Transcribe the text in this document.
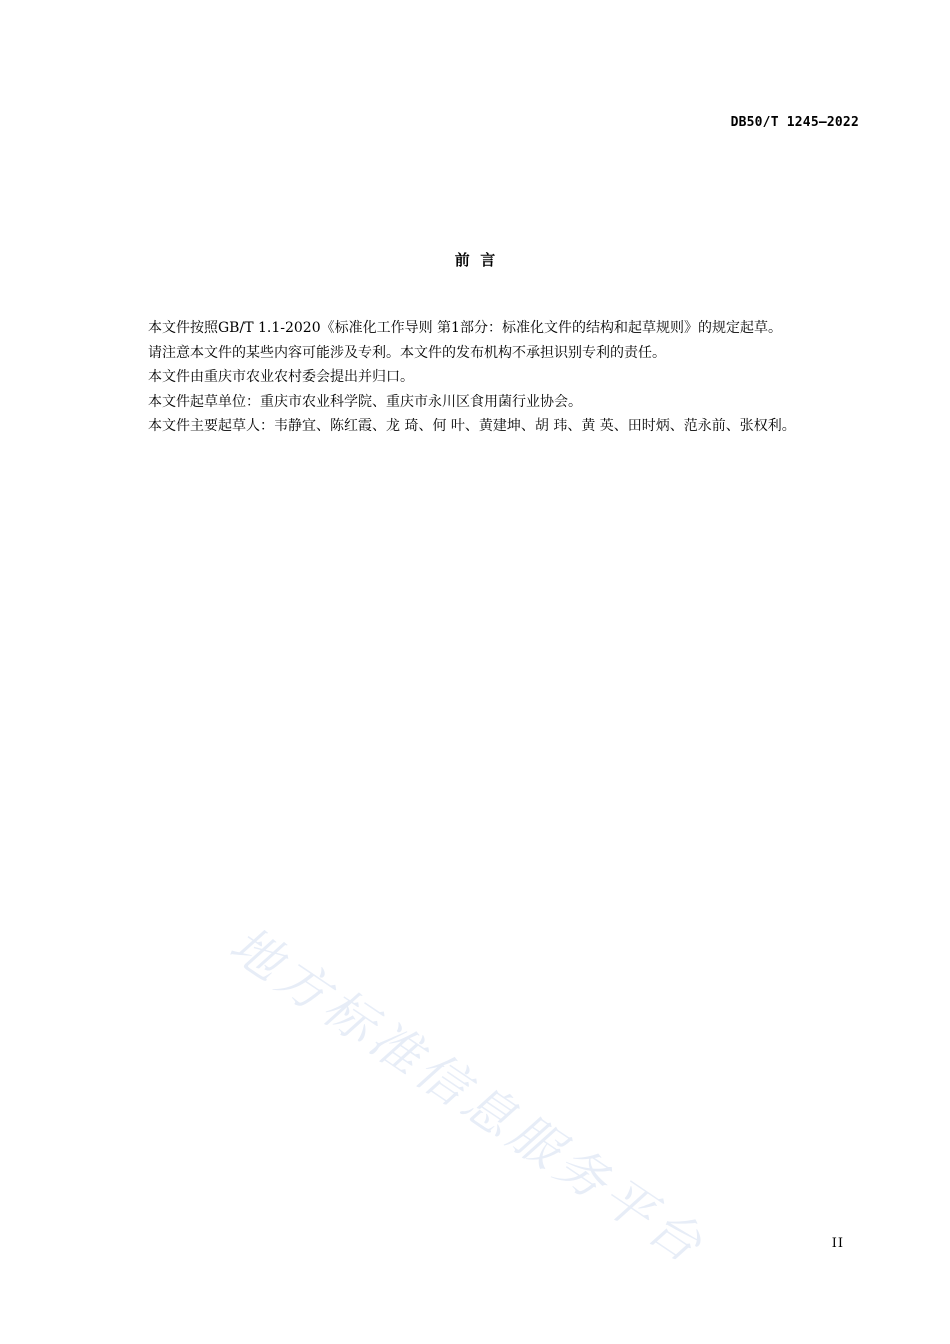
DB50/T 1245—2022
前  言

本文件按照GB/T 1.1-2020《标准化工作导则 第1部分：标准化文件的结构和起草规则》的规定起草。

请注意本文件的某些内容可能涉及专利。本文件的发布机构不承担识别专利的责任。

本文件由重庆市农业农村委会提出并归口。

本文件起草单位：重庆市农业科学院、重庆市永川区食用菌行业协会。

本文件主要起草人：韦静宜、陈红霞、龙 琦、何 叶、黄建坤、胡 玮、黄 英、田时炳、范永前、张权利。

地方标准信息服务平台	II
